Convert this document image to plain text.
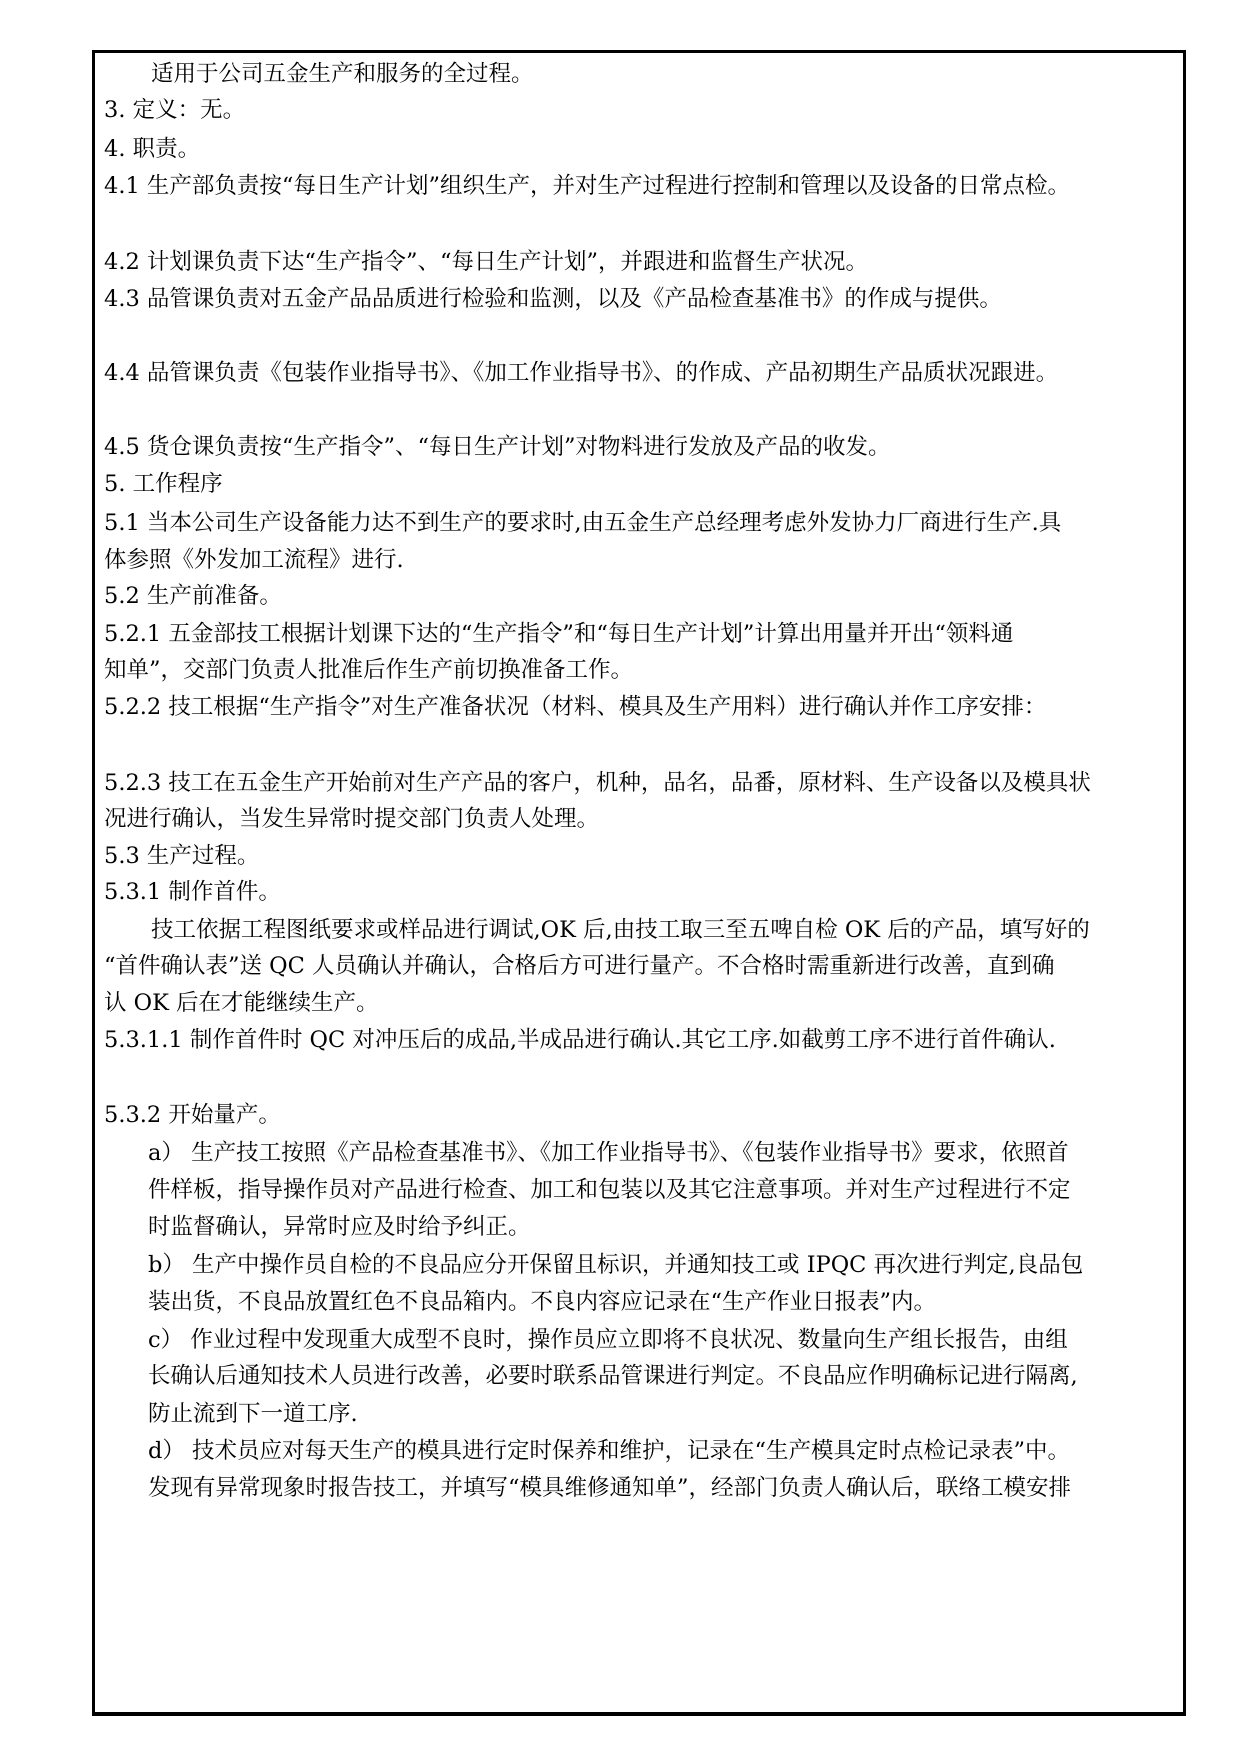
适用于公司五金生产和服务的全过程。

3. 定义：无。

4. 职责。

4.1 生产部负责按“每日生产计划”组织生产，并对生产过程进行控制和管理以及设备的日常点检。

4.2 计划课负责下达“生产指令”、“每日生产计划”，并跟进和监督生产状况。

4.3 品管课负责对五金产品品质进行检验和监测，以及《产品检查基准书》的作成与提供。

4.4 品管课负责《包装作业指导书》、《加工作业指导书》、的作成、产品初期生产品质状况跟进。

4.5 货仓课负责按“生产指令”、“每日生产计划”对物料进行发放及产品的收发。

5. 工作程序

5.1 当本公司生产设备能力达不到生产的要求时,由五金生产总经理考虑外发协力厂商进行生产.具

体参照《外发加工流程》进行.

5.2 生产前准备。

5.2.1 五金部技工根据计划课下达的“生产指令”和“每日生产计划”计算出用量并开出“领料通

知单”，交部门负责人批准后作生产前切换准备工作。

5.2.2 技工根据“生产指令”对生产准备状况（材料、模具及生产用料）进行确认并作工序安排：

5.2.3 技工在五金生产开始前对生产产品的客户，机种，品名，品番，原材料、生产设备以及模具状

况进行确认，当发生异常时提交部门负责人处理。

5.3 生产过程。

5.3.1 制作首件。

技工依据工程图纸要求或样品进行调试,OK 后,由技工取三至五啤自检 OK 后的产品，填写好的

“首件确认表”送 QC 人员确认并确认，合格后方可进行量产。不合格时需重新进行改善，直到确

认 OK 后在才能继续生产。

5.3.1.1 制作首件时 QC 对冲压后的成品,半成品进行确认.其它工序.如截剪工序不进行首件确认.

5.3.2 开始量产。

a） 生产技工按照《产品检查基准书》、《加工作业指导书》、《包装作业指导书》要求，依照首

件样板，指导操作员对产品进行检查、加工和包装以及其它注意事项。并对生产过程进行不定

时监督确认，异常时应及时给予纠正。

b） 生产中操作员自检的不良品应分开保留且标识，并通知技工或 IPQC 再次进行判定,良品包

装出货，不良品放置红色不良品箱内。不良内容应记录在“生产作业日报表”内。

c） 作业过程中发现重大成型不良时，操作员应立即将不良状况、数量向生产组长报告，由组

长确认后通知技术人员进行改善，必要时联系品管课进行判定。不良品应作明确标记进行隔离,

防止流到下一道工序.

d） 技术员应对每天生产的模具进行定时保养和维护，记录在“生产模具定时点检记录表”中。

发现有异常现象时报告技工，并填写“模具维修通知单”，经部门负责人确认后，联络工模安排
